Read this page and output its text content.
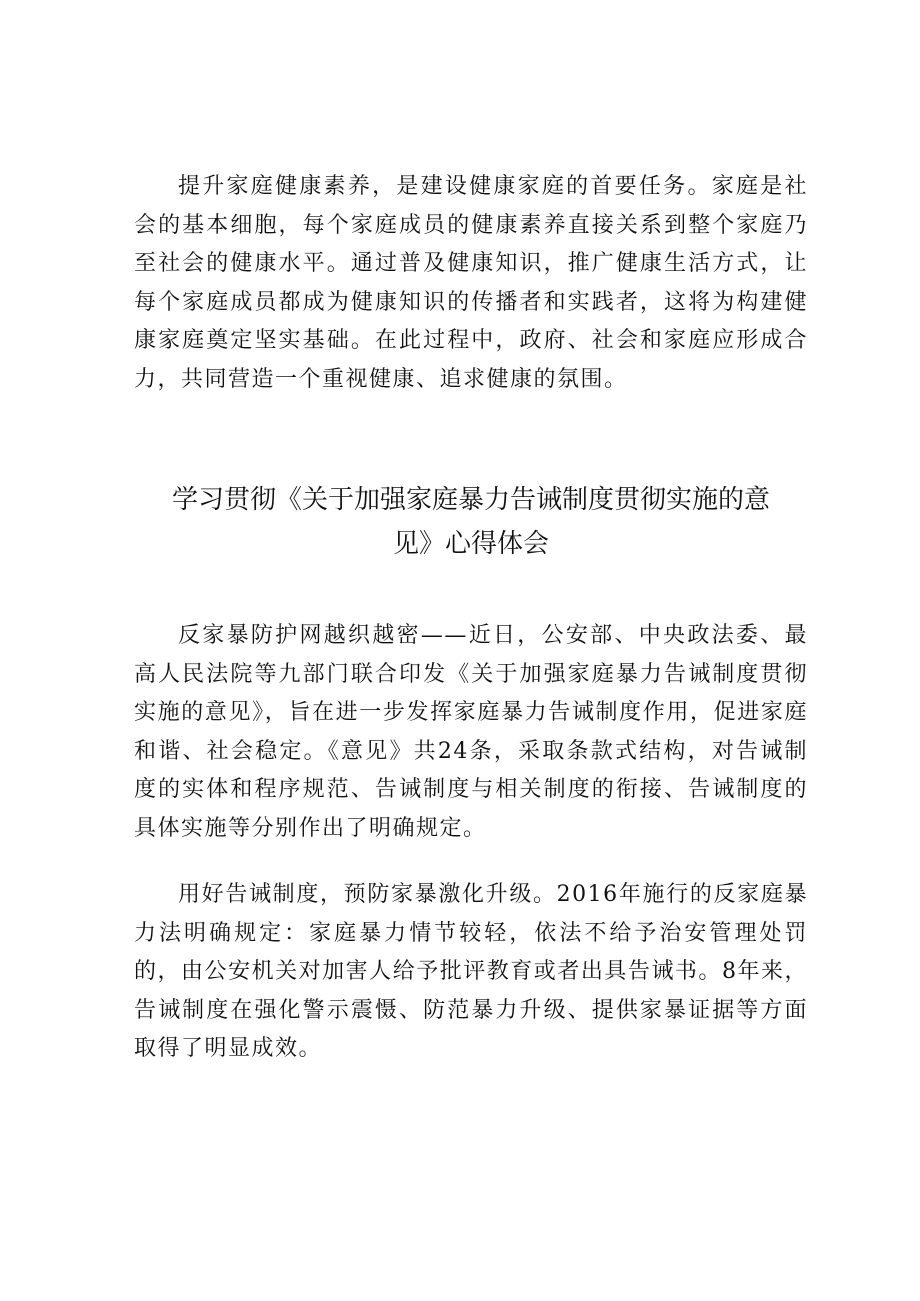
提升家庭健康素养，是建设健康家庭的首要任务。家庭是社会的基本细胞，每个家庭成员的健康素养直接关系到整个家庭乃至社会的健康水平。通过普及健康知识，推广健康生活方式，让每个家庭成员都成为健康知识的传播者和实践者，这将为构建健康家庭奠定坚实基础。在此过程中，政府、社会和家庭应形成合力，共同营造一个重视健康、追求健康的氛围。

学习贯彻《关于加强家庭暴力告诫制度贯彻实施的意
见》心得体会

反家暴防护网越织越密——近日，公安部、中央政法委、最高人民法院等九部门联合印发《关于加强家庭暴力告诫制度贯彻实施的意见》，旨在进一步发挥家庭暴力告诫制度作用，促进家庭和谐、社会稳定。《意见》共24条，采取条款式结构，对告诫制度的实体和程序规范、告诫制度与相关制度的衔接、告诫制度的具体实施等分别作出了明确规定。

用好告诫制度，预防家暴激化升级。2016年施行的反家庭暴力法明确规定：家庭暴力情节较轻，依法不给予治安管理处罚的，由公安机关对加害人给予批评教育或者出具告诫书。8年来，告诫制度在强化警示震慑、防范暴力升级、提供家暴证据等方面取得了明显成效。
